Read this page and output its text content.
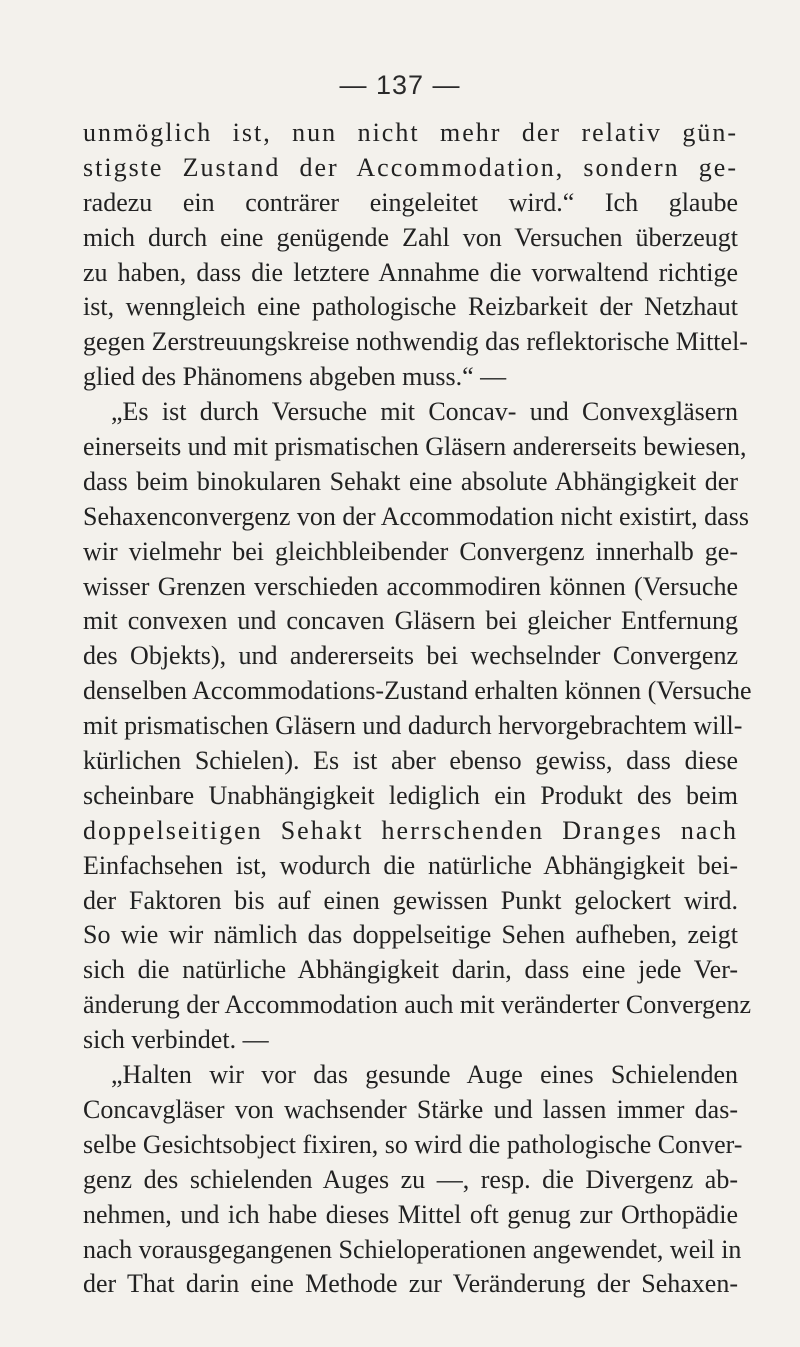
— 137 —
unmöglich ist, nun nicht mehr der relativ gün-
stigste Zustand der Accommodation, sondern ge-
radezu ein conträrer eingeleitet wird.“ Ich glaube
mich durch eine genügende Zahl von Versuchen überzeugt
zu haben, dass die letztere Annahme die vorwaltend richtige
ist, wenngleich eine pathologische Reizbarkeit der Netzhaut
gegen Zerstreuungskreise nothwendig das reflektorische Mittel-
glied des Phänomens abgeben muss.“ —
„Es ist durch Versuche mit Concav- und Convexgläsern
einerseits und mit prismatischen Gläsern andererseits bewiesen,
dass beim binokularen Sehakt eine absolute Abhängigkeit der
Sehaxenconvergenz von der Accommodation nicht existirt, dass
wir vielmehr bei gleichbleibender Convergenz innerhalb ge-
wisser Grenzen verschieden accommodiren können (Versuche
mit convexen und concaven Gläsern bei gleicher Entfernung
des Objekts), und andererseits bei wechselnder Convergenz
denselben Accommodations-Zustand erhalten können (Versuche
mit prismatischen Gläsern und dadurch hervorgebrachtem will-
kürlichen Schielen). Es ist aber ebenso gewiss, dass diese
scheinbare Unabhängigkeit lediglich ein Produkt des beim
doppelseitigen Sehakt herrschenden Dranges nach
Einfachsehen ist, wodurch die natürliche Abhängigkeit bei-
der Faktoren bis auf einen gewissen Punkt gelockert wird.
So wie wir nämlich das doppelseitige Sehen aufheben, zeigt
sich die natürliche Abhängigkeit darin, dass eine jede Ver-
änderung der Accommodation auch mit veränderter Convergenz
sich verbindet. —
„Halten wir vor das gesunde Auge eines Schielenden
Concavgläser von wachsender Stärke und lassen immer das-
selbe Gesichtsobject fixiren, so wird die pathologische Conver-
genz des schielenden Auges zu —, resp. die Divergenz ab-
nehmen, und ich habe dieses Mittel oft genug zur Orthopädie
nach vorausgegangenen Schieloperationen angewendet, weil in
der That darin eine Methode zur Veränderung der Sehaxen-
